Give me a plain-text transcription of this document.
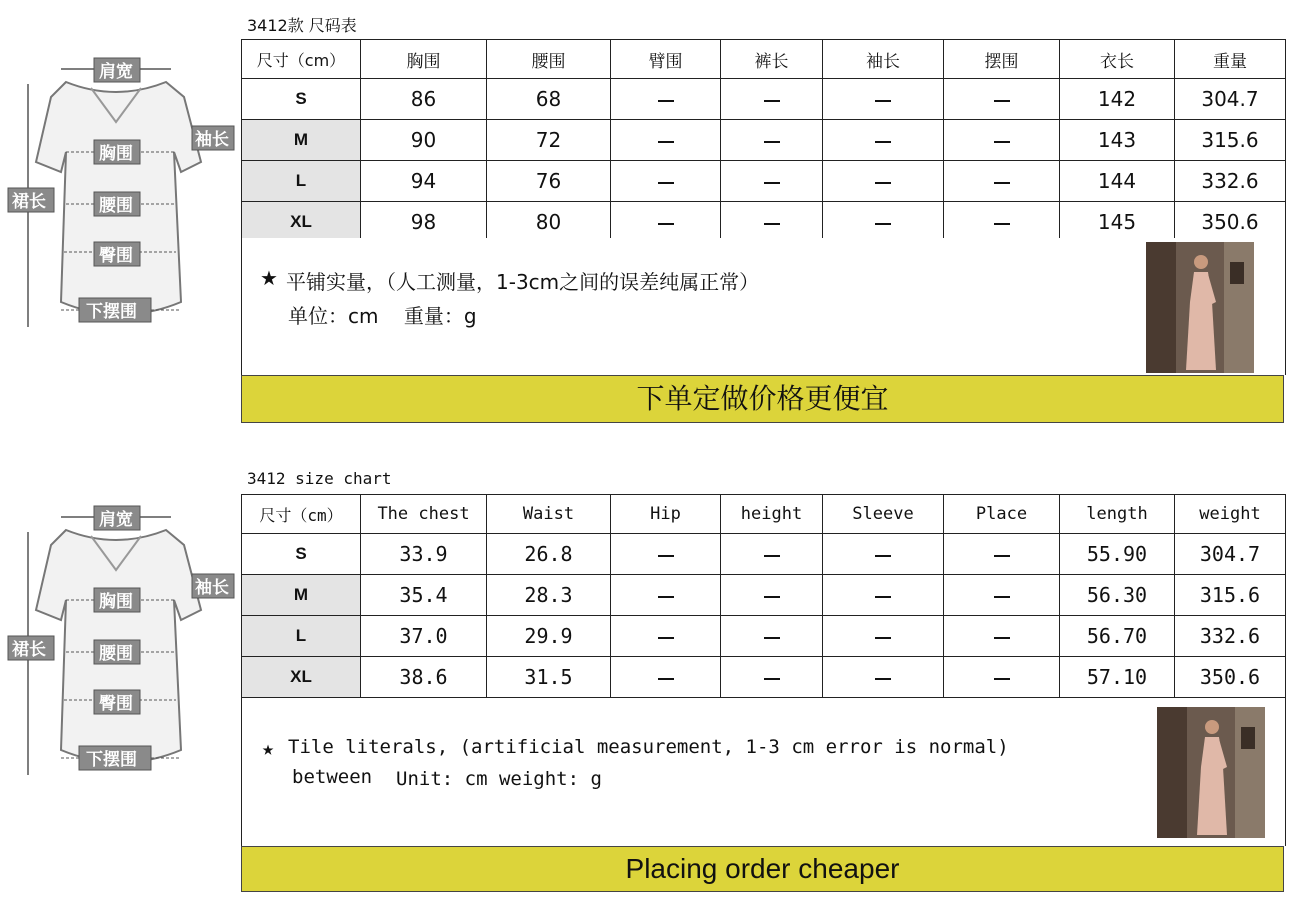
肩宽
袖长
胸围
裙长	腰围
臀围
下摆围
3412款 尺码表
尺寸（cm）	胸围	腰围	臂围	裤长	袖长	摆围	衣长	重量
S	86	68					142	304.7
M	90	72					143	315.6
L	94	76					144	332.6
XL	98	80					145	350.6
★ 平铺实量，（人工测量，1-3cm之间的误差纯属正常）
单位：cm    重量：g
下单定做价格更便宜
肩宽
袖长
胸围
裙长	腰围
臀围
下摆围
3412 size chart
尺寸（cm）	The chest	Waist	Hip	height	Sleeve	Place	length	weight
S	33.9	26.8					55.90	304.7
M	35.4	28.3					56.30	315.6
L	37.0	29.9					56.70	332.6
XL	38.6	31.5					57.10	350.6
★ Tile literals, (artificial measurement, 1-3 cm error is normal)
between Unit: cm weight: g
Placing order cheaper
